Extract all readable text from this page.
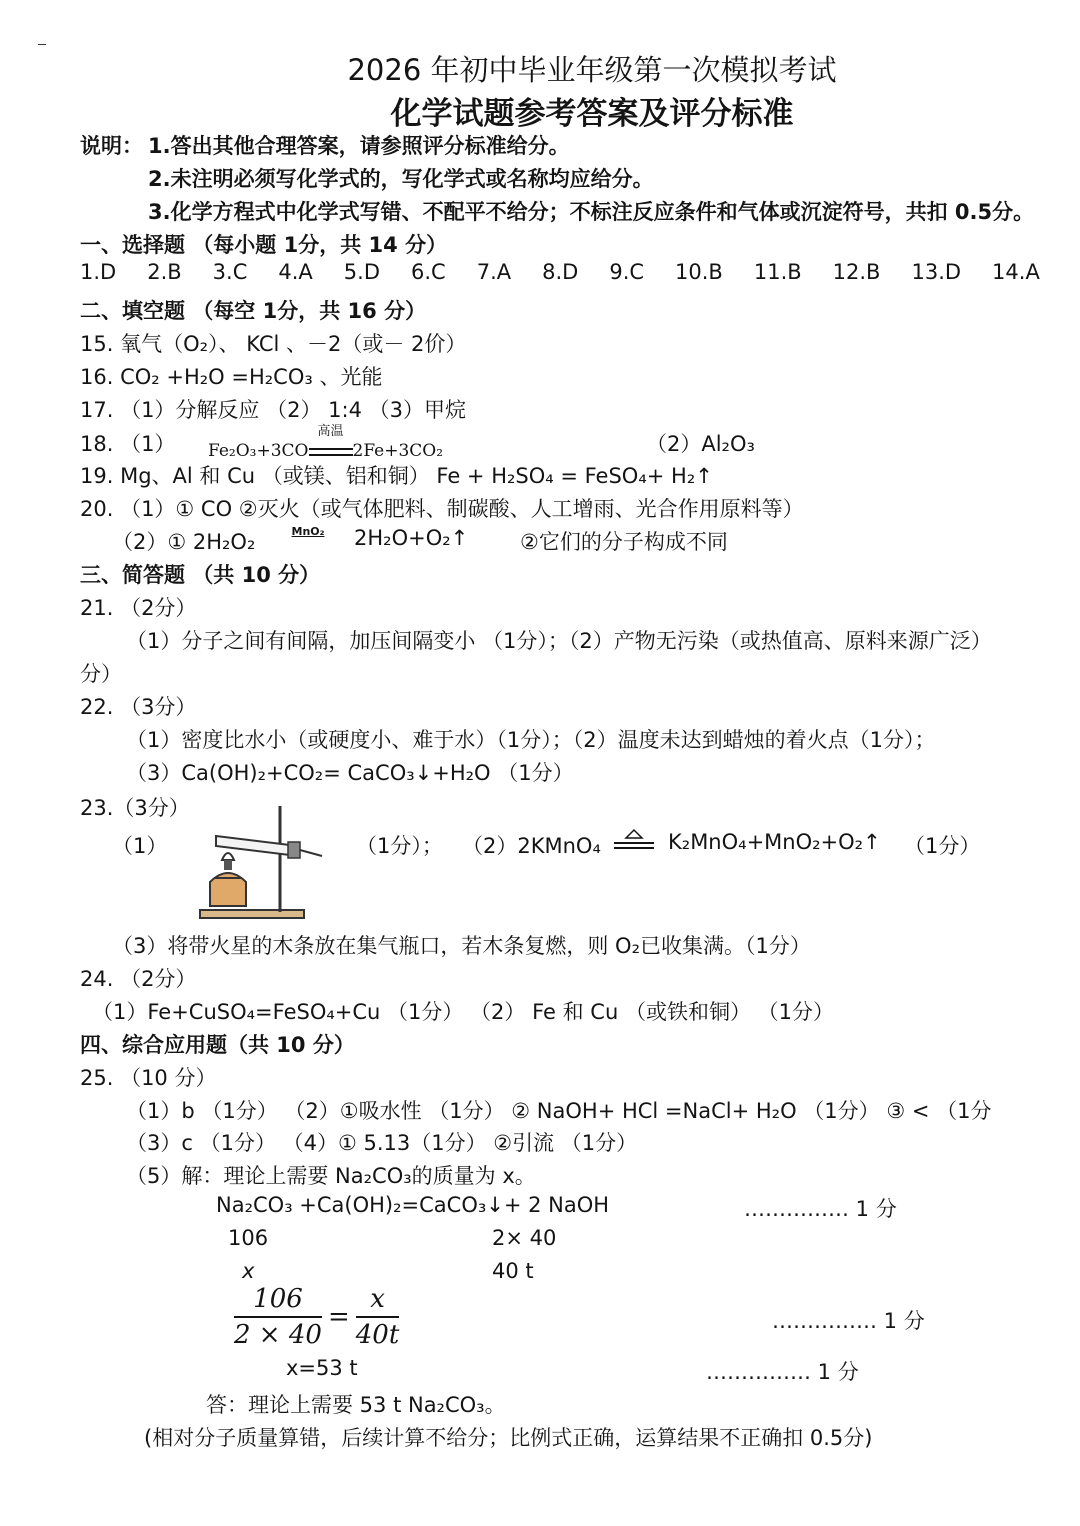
2026 年初中毕业年级第一次模拟考试
化学试题参考答案及评分标准
说明： 1.答出其他合理答案，请参照评分标准给分。
2.未注明必须写化学式的，写化学式或名称均应给分。
3.化学方程式中化学式写错、不配平不给分；不标注反应条件和气体或沉淀符号，共扣 0.5分。
一、选择题 （每小题 1分，共 14 分）
1.D 2.B 3.C 4.A 5.D 6.C 7.A 8.D 9.C 10.B 11.B 12.B 13.D 14.A
二、填空题 （每空 1分，共 16 分）
15. 氧气（O₂）、 KCl 、－2（或－ 2价）
16. CO₂ +H₂O =H₂CO₃ 、光能
17. （1）分解反应 （2） 1:4 （3）甲烷
18. （1） Fe₂O₃+3CO
高温
2Fe+3CO₂	（2）Al₂O₃
19. Mg、Al 和 Cu （或镁、铝和铜） Fe + H₂SO₄ = FeSO₄+ H₂↑
20. （1）① CO ②灭火（或气体肥料、制碳酸、人工增雨、光合作用原料等）
（2）① 2H₂O₂	MnO₂	2H₂O+O₂↑ ②它们的分子构成不同
三、简答题 （共 10 分）
21. （2分）
（1）分子之间有间隔，加压间隔变小 （1分）；（2）产物无污染（或热值高、原料来源广泛）
分）
22. （3分）
（1）密度比水小（或硬度小、难于水）（1分）；（2）温度未达到蜡烛的着火点（1分）；
（3）Ca(OH)₂+CO₂= CaCO₃↓+H₂O （1分）
23.（3分）
（1）	（1分）； （2）2KMnO₄	K₂MnO₄+MnO₂+O₂↑ （1分）
（3）将带火星的木条放在集气瓶口，若木条复燃，则 O₂已收集满。（1分）
24. （2分）
（1）Fe+CuSO₄=FeSO₄+Cu （1分） （2） Fe 和 Cu （或铁和铜） （1分）
四、综合应用题（共 10 分）
25. （10 分）
（1）b （1分） （2）①吸水性 （1分） ② NaOH+ HCl =NaCl+ H₂O （1分） ③ < （1分
（3）c （1分） （4）① 5.13（1分） ②引流 （1分）
（5）解：理论上需要 Na₂CO₃的质量为 x。
Na₂CO₃ +Ca(OH)₂=CaCO₃↓+ 2 NaOH	…………… 1 分
106	2× 40
x	40 t
$\frac{106}{2 \times 40} = \frac{x}{40t}$	…………… 1 分
x=53 t	…………… 1 分
答：理论上需要 53 t Na₂CO₃。
(相对分子质量算错，后续计算不给分；比例式正确，运算结果不正确扣 0.5分)
